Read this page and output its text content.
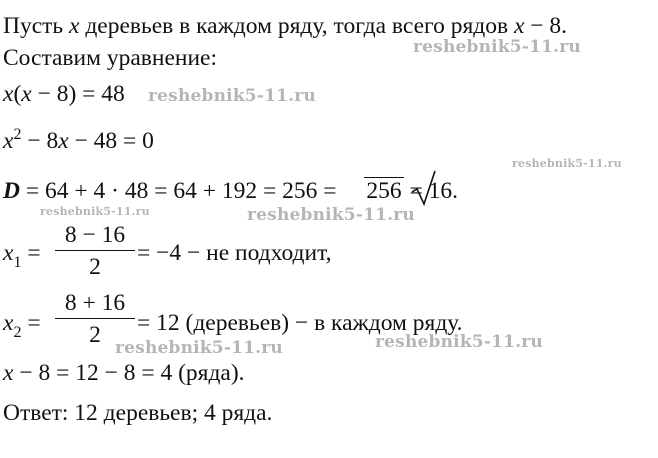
Пусть x деревьев в каждом ряду, тогда всего рядов x − 8.
Составим уравнение:
x(x − 8) = 48
$x^2 - 8x - 48 = 0$
D = 64 + 4 · 48 = 64 + 192 = 256 = 256 = 16.
$x_1$ =
8 − 16
2
= −4 − не подходит,
$x_2$ =
8 + 16
2	= 12 (деревьев) − в каждом ряду.
x − 8 = 12 − 8 = 4 (ряда).
Ответ: 12 деревьев; 4 ряда.
reshebnik5-11.ru
reshebnik5-11.ru
reshebnik5-11.ru
reshebnik5-11.ru	reshebnik5-11.ru
reshebnik5-11.ru	reshebnik5-11.ru
